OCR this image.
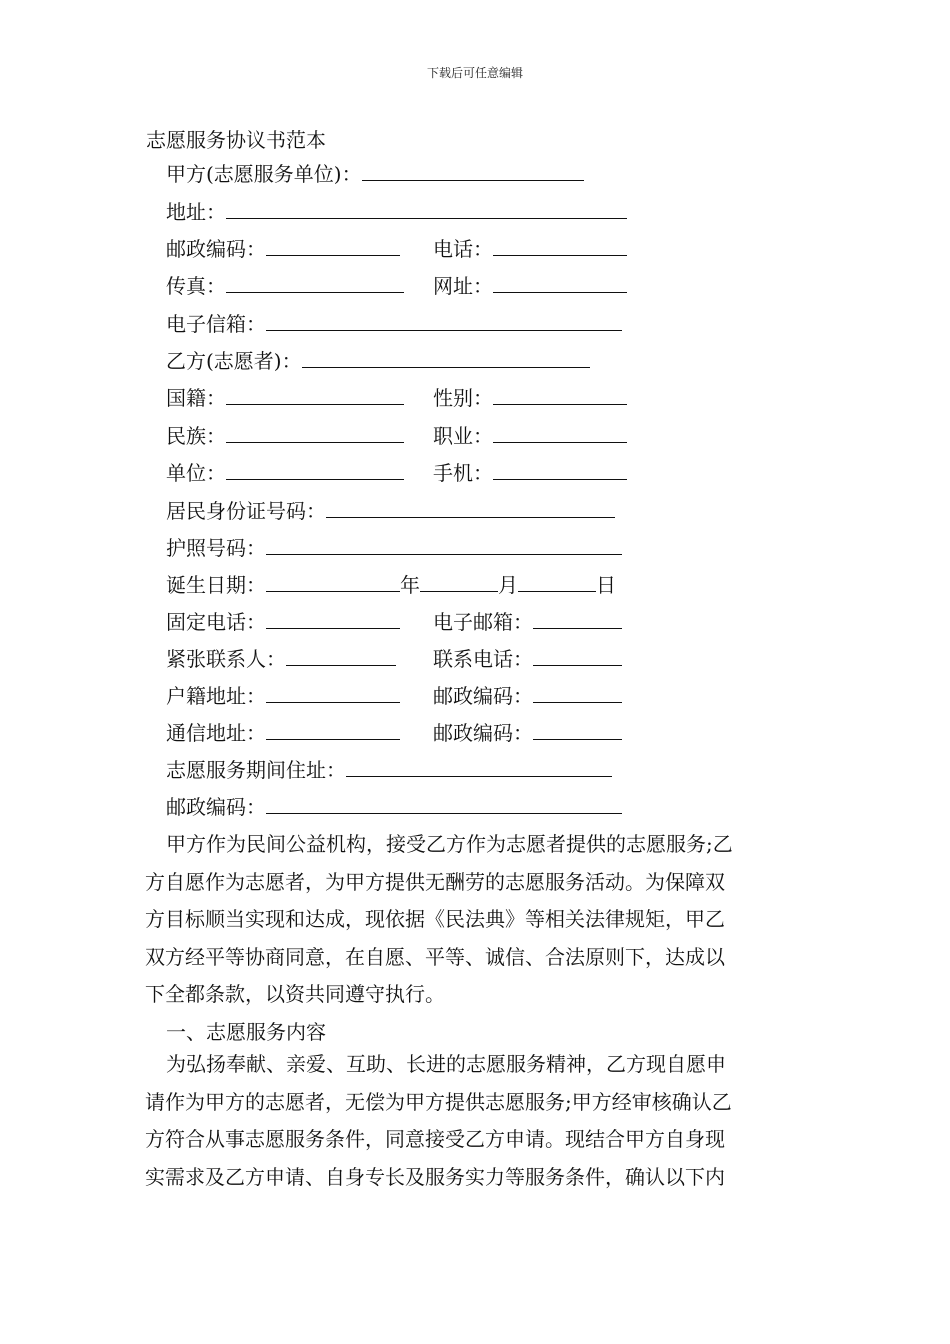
下载后可任意编辑
志愿服务协议书范本
甲方(志愿服务单位)：
地址：
邮政编码：	电话：
传真：	网址：
电子信箱：
乙方(志愿者)：
国籍：	性别：
民族：	职业：
单位：	手机：
居民身份证号码：
护照号码：
诞生日期：	年	月	日
固定电话：	电子邮箱：
紧张联系人：	联系电话：
户籍地址：	邮政编码：
通信地址：	邮政编码：
志愿服务期间住址：
邮政编码：
甲方作为民间公益机构，接受乙方作为志愿者提供的志愿服务;乙
方自愿作为志愿者，为甲方提供无酬劳的志愿服务活动。为保障双
方目标顺当实现和达成，现依据《民法典》等相关法律规矩，甲乙
双方经平等协商同意，在自愿、平等、诚信、合法原则下，达成以
下全都条款，以资共同遵守执行。
一、志愿服务内容
为弘扬奉献、亲爱、互助、长进的志愿服务精神，乙方现自愿申
请作为甲方的志愿者，无偿为甲方提供志愿服务;甲方经审核确认乙
方符合从事志愿服务条件，同意接受乙方申请。现结合甲方自身现
实需求及乙方申请、自身专长及服务实力等服务条件，确认以下内
